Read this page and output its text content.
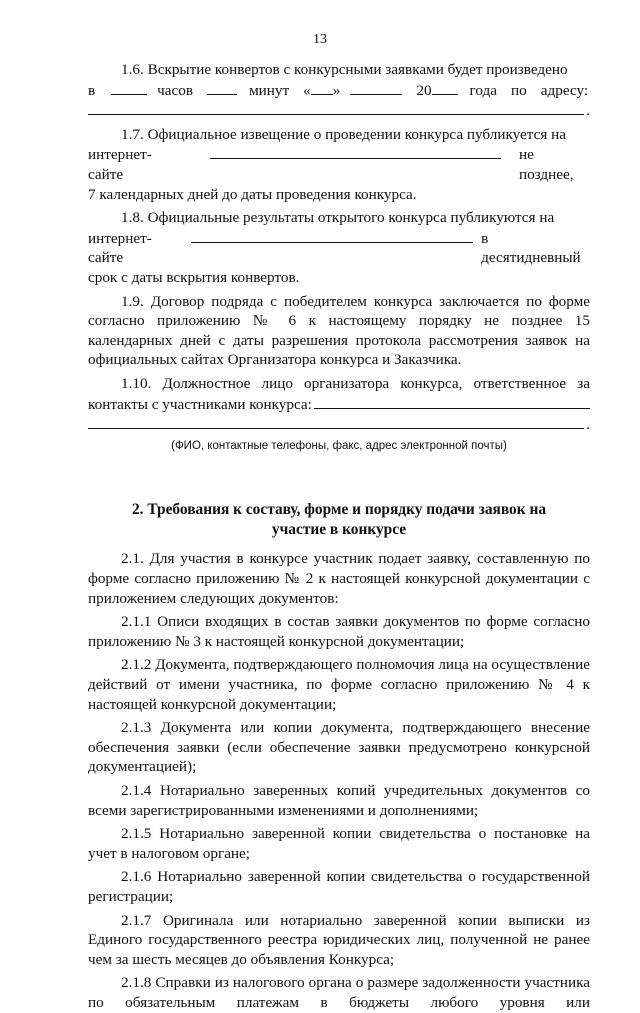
13
1.6. Вскрытие конвертов с конкурсными заявками будет произведено
в	часов	минут « »	20	года по адресу:
.
1.7. Официальное извещение о проведении конкурса публикуется на
интернет-сайте
не позднее,
7 календарных дней до даты проведения конкурса.
1.8. Официальные результаты открытого конкурса публикуются на
интернет-сайте
в десятидневный
срок с даты вскрытия конвертов.
1.9. Договор подряда с победителем конкурса заключается по форме согласно приложению № 6 к настоящему порядку не позднее 15 календарных дней с даты разрешения протокола рассмотрения заявок на официальных сайтах Организатора конкурса и Заказчика.
1.10. Должностное лицо организатора конкурса, ответственное за
контакты с участниками конкурса:
.
(ФИО, контактные телефоны, факс, адрес электронной почты)
2. Требования к составу, форме и порядку подачи заявок на
участие в конкурсе
2.1. Для участия в конкурсе участник подает заявку, составленную по форме согласно приложению № 2 к настоящей конкурсной документации с приложением следующих документов:
2.1.1 Описи входящих в состав заявки документов по форме согласно приложению № 3 к настоящей конкурсной документации;
2.1.2 Документа, подтверждающего полномочия лица на осуществление действий от имени участника, по форме согласно приложению № 4 к настоящей конкурсной документации;
2.1.3 Документа или копии документа, подтверждающего внесение обеспечения заявки (если обеспечение заявки предусмотрено конкурсной документацией);
2.1.4 Нотариально заверенных копий учредительных документов со всеми зарегистрированными изменениями и дополнениями;
2.1.5 Нотариально заверенной копии свидетельства о постановке на учет в налоговом органе;
2.1.6 Нотариально заверенной копии свидетельства о государственной регистрации;
2.1.7 Оригинала или нотариально заверенной копии выписки из Единого государственного реестра юридических лиц, полученной не ранее чем за шесть месяцев до объявления Конкурса;
2.1.8 Справки из налогового органа о размере задолженности участника по обязательным платежам в бюджеты любого уровня или
